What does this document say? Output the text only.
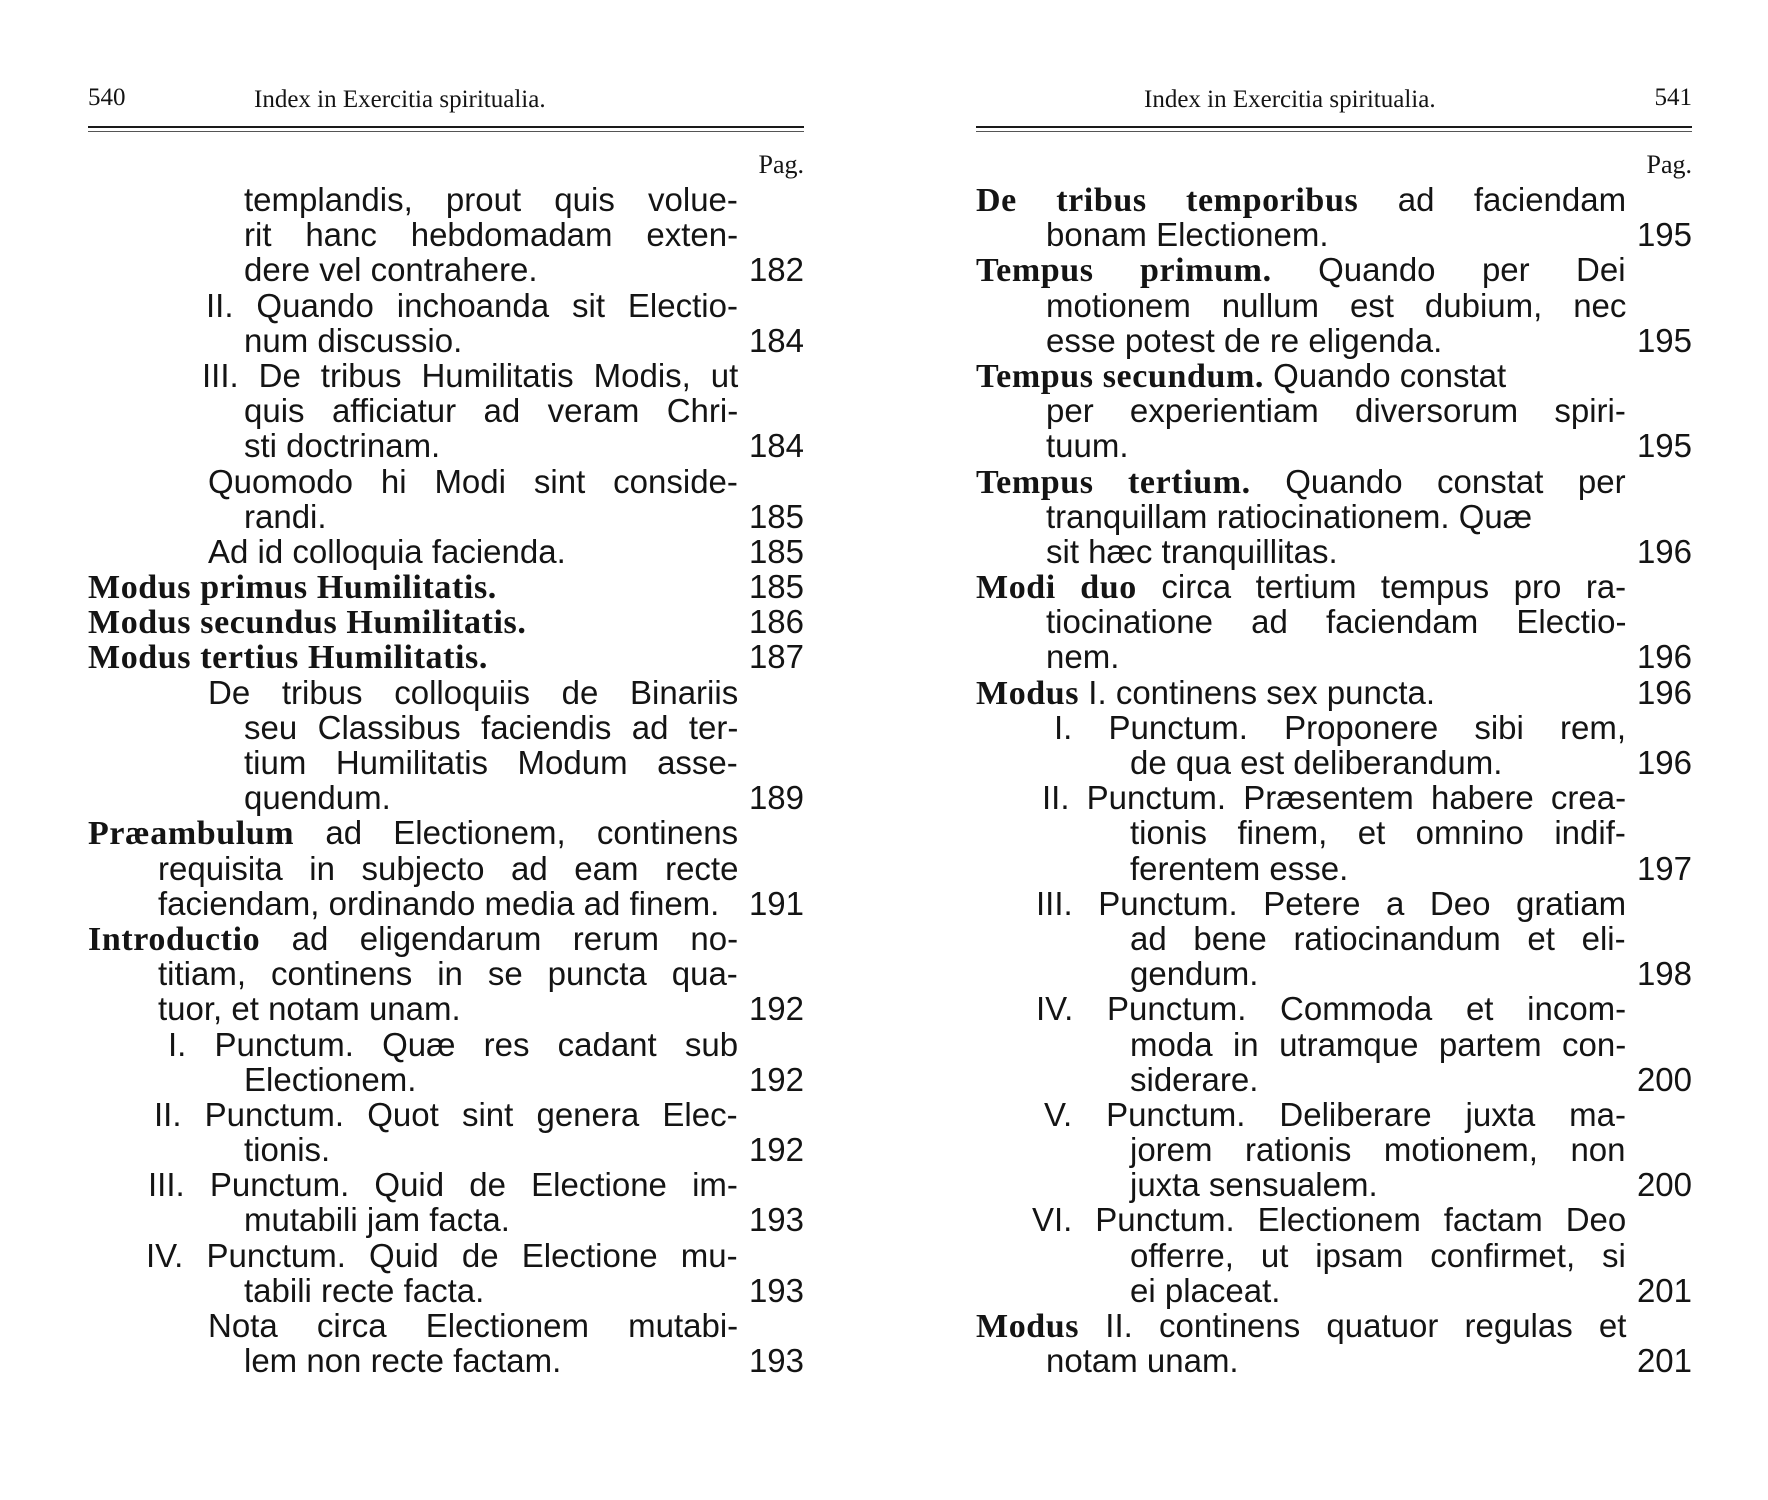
540	Index in Exercitia spiritualia.
Pag.
templandis, prout quis volue-
rit hanc hebdomadam exten-
dere vel contrahere.	182
II. Quando inchoanda sit Electio-
num discussio.	184
III. De tribus Humilitatis Modis, ut
quis afficiatur ad veram Chri-
sti doctrinam.	184
Quomodo hi Modi sint conside-
randi.	185
Ad id colloquia facienda.	185
Modus primus Humilitatis.	185
Modus secundus Humilitatis.	186
Modus tertius Humilitatis.	187
De tribus colloquiis de Binariis
seu Classibus faciendis ad ter-
tium Humilitatis Modum asse-
quendum.	189
Præambulum ad Electionem, continens
requisita in subjecto ad eam recte
faciendam, ordinando media ad finem. 191
Introductio ad eligendarum rerum no-
titiam, continens in se puncta qua-
tuor, et notam unam.	192
I. Punctum. Quæ res cadant sub
Electionem.	192
II. Punctum. Quot sint genera Elec-
tionis.	192
III. Punctum. Quid de Electione im-
mutabili jam facta.	193
IV. Punctum. Quid de Electione mu-
tabili recte facta.	193
Nota circa Electionem mutabi-
lem non recte factam.	193
Index in Exercitia spiritualia.	541
Pag.
De tribus temporibus ad faciendam
bonam Electionem.	195
Tempus primum. Quando per Dei
motionem nullum est dubium, nec
esse potest de re eligenda.	195
Tempus secundum. Quando constat
per experientiam diversorum spiri-
tuum.	195
Tempus tertium. Quando constat per
tranquillam ratiocinationem. Quæ
sit hæc tranquillitas.	196
Modi duo circa tertium tempus pro ra-
tiocinatione ad faciendam Electio-
nem.	196
Modus I. continens sex puncta.	196
I. Punctum. Proponere sibi rem,
de qua est deliberandum.	196
II. Punctum. Præsentem habere crea-
tionis finem, et omnino indif-
ferentem esse.	197
III. Punctum. Petere a Deo gratiam
ad bene ratiocinandum et eli-
gendum.	198
IV. Punctum. Commoda et incom-
moda in utramque partem con-
siderare.	200
V. Punctum. Deliberare juxta ma-
jorem rationis motionem, non
juxta sensualem.	200
VI. Punctum. Electionem factam Deo
offerre, ut ipsam confirmet, si
ei placeat.	201
Modus II. continens quatuor regulas et
notam unam.	201
